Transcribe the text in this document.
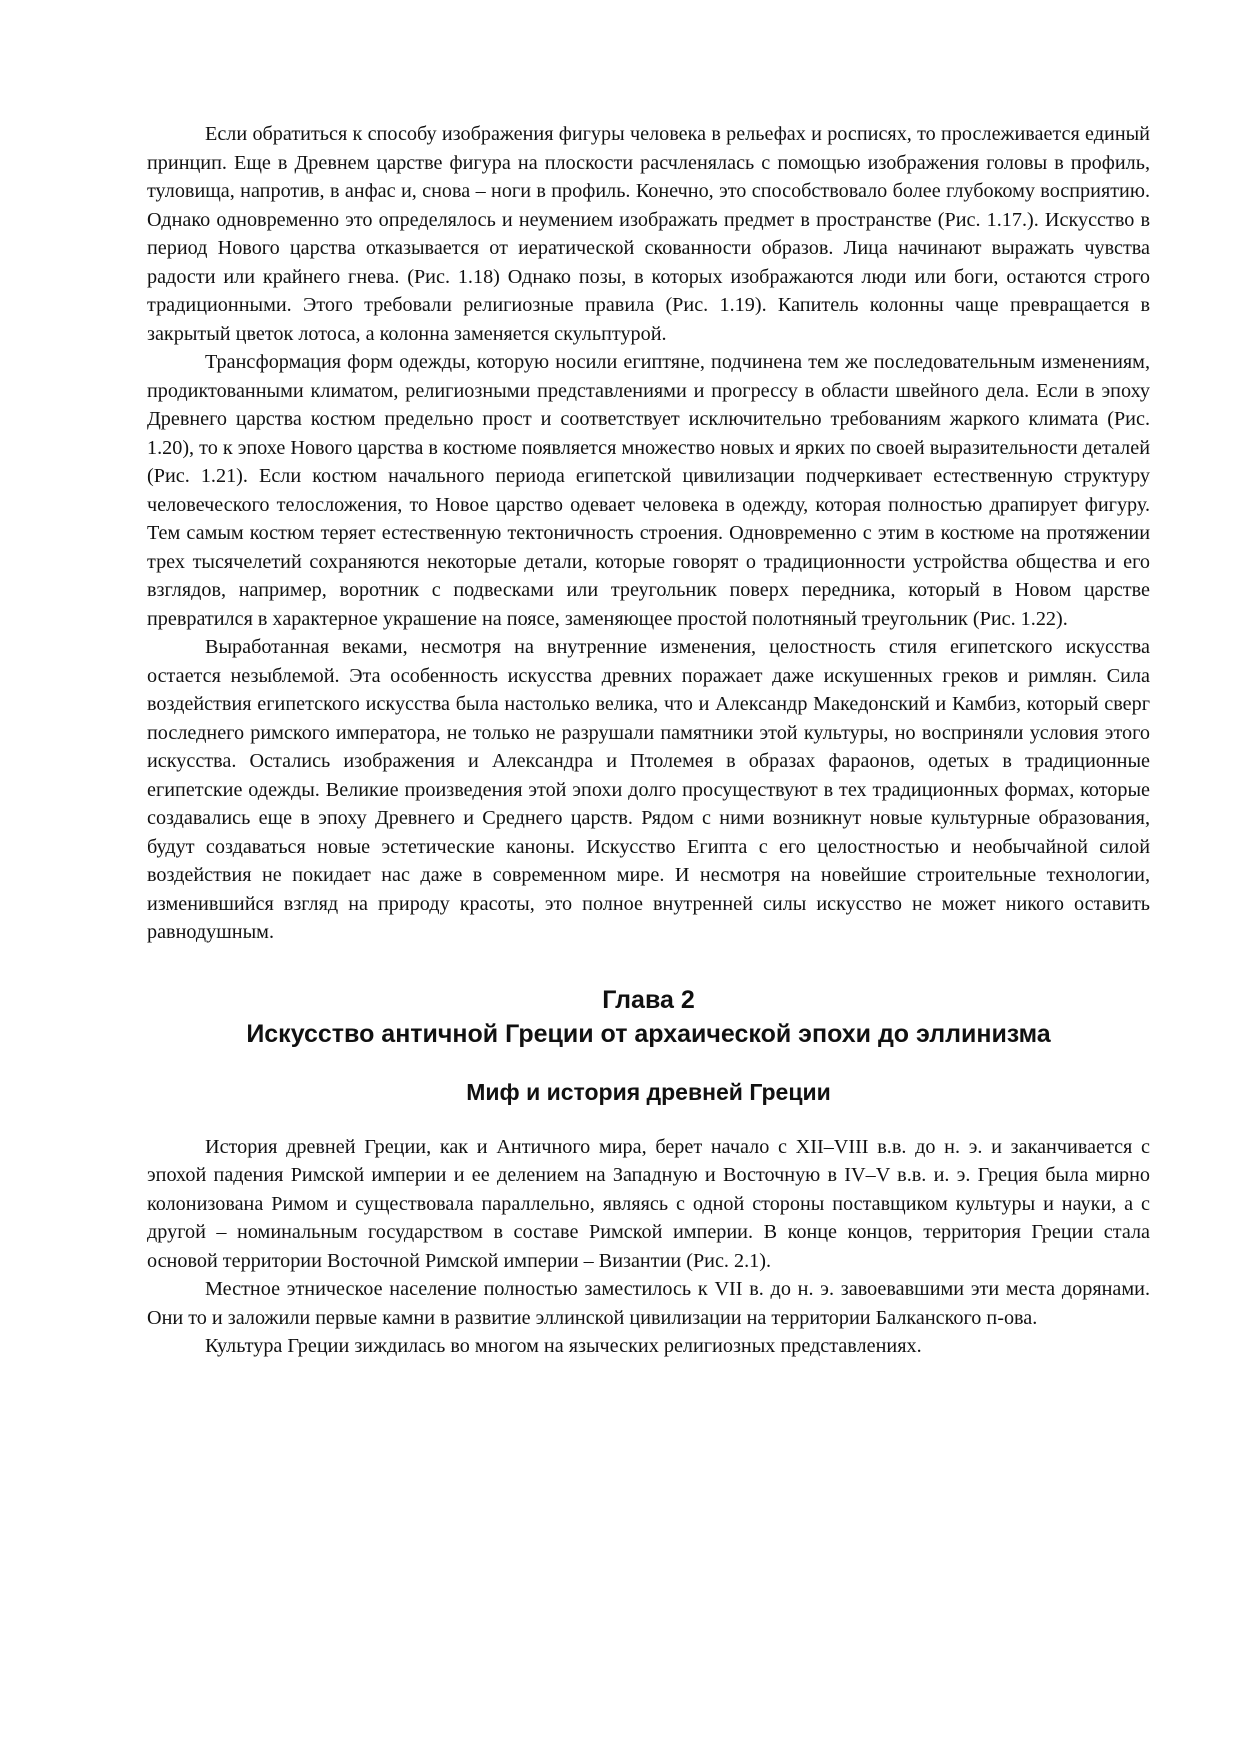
Если обратиться к способу изображения фигуры человека в рельефах и росписях, то прослеживается единый принцип. Еще в Древнем царстве фигура на плоскости расчленялась с помощью изображения головы в профиль, туловища, напротив, в анфас и, снова – ноги в профиль. Конечно, это способствовало более глубокому восприятию. Однако одновременно это определялось и неумением изображать предмет в пространстве (Рис. 1.17.). Искусство в период Нового царства отказывается от иератической скованности образов. Лица начинают выражать чувства радости или крайнего гнева. (Рис. 1.18) Однако позы, в которых изображаются люди или боги, остаются строго традиционными. Этого требовали религиозные правила (Рис. 1.19). Капитель колонны чаще превращается в закрытый цветок лотоса, а колонна заменяется скульптурой.

Трансформация форм одежды, которую носили египтяне, подчинена тем же последовательным изменениям, продиктованными климатом, религиозными представлениями и прогрессу в области швейного дела. Если в эпоху Древнего царства костюм предельно прост и соответствует исключительно требованиям жаркого климата (Рис. 1.20), то к эпохе Нового царства в костюме появляется множество новых и ярких по своей выразительности деталей (Рис. 1.21). Если костюм начального периода египетской цивилизации подчеркивает естественную структуру человеческого телосложения, то Новое царство одевает человека в одежду, которая полностью драпирует фигуру. Тем самым костюм теряет естественную тектоничность строения. Одновременно с этим в костюме на протяжении трех тысячелетий сохраняются некоторые детали, которые говорят о традиционности устройства общества и его взглядов, например, воротник с подвесками или треугольник поверх передника, который в Новом царстве превратился в характерное украшение на поясе, заменяющее простой полотняный треугольник (Рис. 1.22).

Выработанная веками, несмотря на внутренние изменения, целостность стиля египетского искусства остается незыблемой. Эта особенность искусства древних поражает даже искушенных греков и римлян. Сила воздействия египетского искусства была настолько велика, что и Александр Македонский и Камбиз, который сверг последнего римского императора, не только не разрушали памятники этой культуры, но восприняли условия этого искусства. Остались изображения и Александра и Птолемея в образах фараонов, одетых в традиционные египетские одежды. Великие произведения этой эпохи долго просуществуют в тех традиционных формах, которые создавались еще в эпоху Древнего и Среднего царств. Рядом с ними возникнут новые культурные образования, будут создаваться новые эстетические каноны. Искусство Египта с его целостностью и необычайной силой воздействия не покидает нас даже в современном мире. И несмотря на новейшие строительные технологии, изменившийся взгляд на природу красоты, это полное внутренней силы искусство не может никого оставить равнодушным.

Глава 2

Искусство античной Греции от архаической эпохи до эллинизма

Миф и история древней Греции

История древней Греции, как и Античного мира, берет начало с XII–VIII в.в. до н. э. и заканчивается с эпохой падения Римской империи и ее делением на Западную и Восточную в IV–V в.в. и. э. Греция была мирно колонизована Римом и существовала параллельно, являясь с одной стороны поставщиком культуры и науки, а с другой – номинальным государством в составе Римской империи. В конце концов, территория Греции стала основой территории Восточной Римской империи – Византии (Рис. 2.1).

Местное этническое население полностью заместилось к VII в. до н. э. завоевавшими эти места дорянами. Они то и заложили первые камни в развитие эллинской цивилизации на территории Балканского п-ова.

Культура Греции зиждилась во многом на языческих религиозных представлениях.
